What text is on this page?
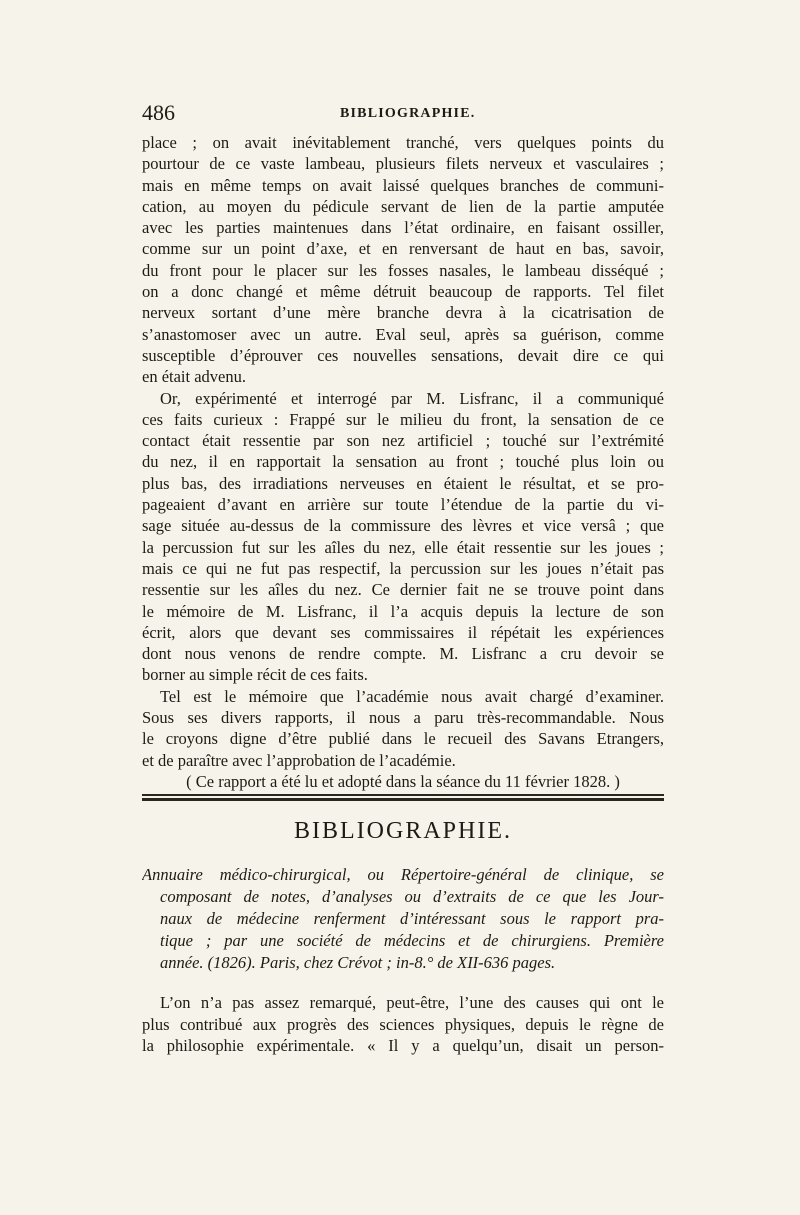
486	BIBLIOGRAPHIE.
place ; on avait inévitablement tranché, vers quelques points du
pourtour de ce vaste lambeau, plusieurs filets nerveux et vasculaires ;
mais en même temps on avait laissé quelques branches de communi-
cation, au moyen du pédicule servant de lien de la partie amputée
avec les parties maintenues dans l’état ordinaire, en faisant ossiller,
comme sur un point d’axe, et en renversant de haut en bas, savoir,
du front pour le placer sur les fosses nasales, le lambeau disséqué ;
on a donc changé et même détruit beaucoup de rapports. Tel filet
nerveux sortant d’une mère branche devra à la cicatrisation de
s’anastomoser avec un autre. Eval seul, après sa guérison, comme
susceptible d’éprouver ces nouvelles sensations, devait dire ce qui
en était advenu.
Or, expérimenté et interrogé par M. Lisfranc, il a communiqué
ces faits curieux : Frappé sur le milieu du front, la sensation de ce
contact était ressentie par son nez artificiel ; touché sur l’extrémité
du nez, il en rapportait la sensation au front ; touché plus loin ou
plus bas, des irradiations nerveuses en étaient le résultat, et se pro-
pageaient d’avant en arrière sur toute l’étendue de la partie du vi-
sage située au-dessus de la commissure des lèvres et vice versâ ; que
la percussion fut sur les aîles du nez, elle était ressentie sur les joues ;
mais ce qui ne fut pas respectif, la percussion sur les joues n’était pas
ressentie sur les aîles du nez. Ce dernier fait ne se trouve point dans
le mémoire de M. Lisfranc, il l’a acquis depuis la lecture de son
écrit, alors que devant ses commissaires il répétait les expériences
dont nous venons de rendre compte. M. Lisfranc a cru devoir se
borner au simple récit de ces faits.
Tel est le mémoire que l’académie nous avait chargé d’examiner.
Sous ses divers rapports, il nous a paru très-recommandable. Nous
le croyons digne d’être publié dans le recueil des Savans Etrangers,
et de paraître avec l’approbation de l’académie.
( Ce rapport a été lu et adopté dans la séance du 11 février 1828. )
BIBLIOGRAPHIE.
Annuaire médico-chirurgical, ou Répertoire-général de clinique, se
composant de notes, d’analyses ou d’extraits de ce que les Jour-
naux de médecine renferment d’intéressant sous le rapport pra-
tique ; par une société de médecins et de chirurgiens. Première
année. (1826). Paris, chez Crévot ; in-8.° de XII-636 pages.
L’on n’a pas assez remarqué, peut-être, l’une des causes qui ont le
plus contribué aux progrès des sciences physiques, depuis le règne de
la philosophie expérimentale. « Il y a quelqu’un, disait un person-
